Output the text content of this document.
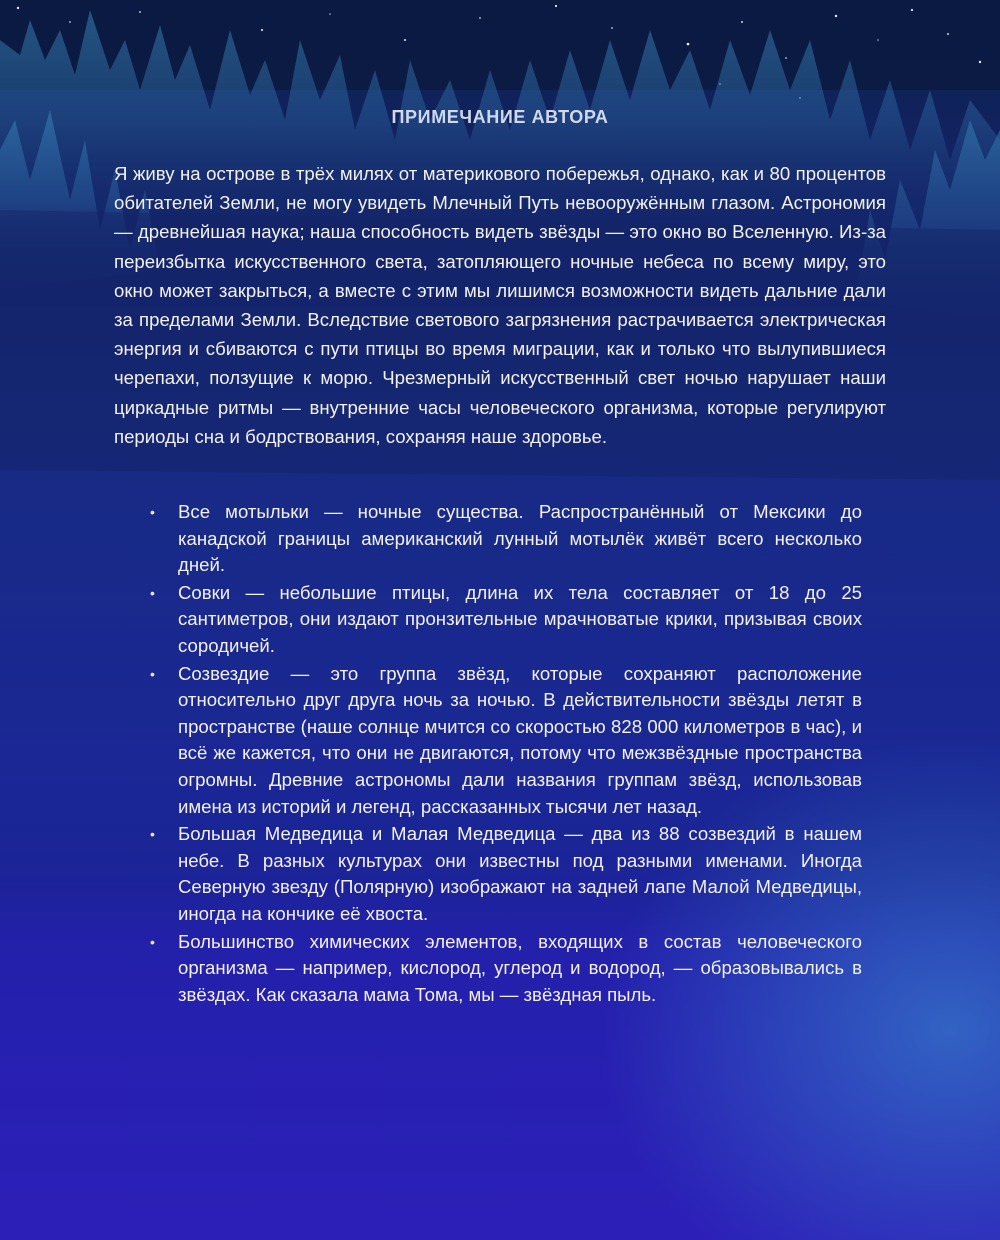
ПРИМЕЧАНИЕ АВТОРА

Я живу на острове в трёх милях от материкового побережья, однако, как и 80 процентов обитателей Земли, не могу увидеть Млечный Путь невооружённым глазом. Астрономия — древнейшая наука; наша способность видеть звёзды — это окно во Вселенную. Из-за переизбытка искусственного света, затопляющего ночные небеса по всему миру, это окно может закрыться, а вместе с этим мы лишимся возможности видеть дальние дали за пределами Земли. Вследствие светового загрязнения растрачивается электрическая энергия и сбиваются с пути птицы во время миграции, как и только что вылупившиеся черепахи, ползущие к морю. Чрезмерный искусственный свет ночью нарушает наши циркадные ритмы — внутренние часы человеческого организма, которые регулируют периоды сна и бодрствования, сохраняя наше здоровье.

•	Все мотыльки — ночные существа. Распространённый от Мексики до канадской границы американский лунный мотылёк живёт всего несколько дней.
•	Совки — небольшие птицы, длина их тела составляет от 18 до 25 сантиметров, они издают пронзительные мрачноватые крики, призывая своих сородичей.
•	Созвездие — это группа звёзд, которые сохраняют расположение относительно друг друга ночь за ночью. В действительности звёзды летят в пространстве (наше солнце мчится со скоростью 828 000 километров в час), и всё же кажется, что они не двигаются, потому что межзвёздные пространства огромны. Древние астрономы дали названия группам звёзд, использовав имена из историй и легенд, рассказанных тысячи лет назад.
•	Большая Медведица и Малая Медведица — два из 88 созвездий в нашем небе. В разных культурах они известны под разными именами. Иногда Северную звезду (Полярную) изображают на задней лапе Малой Медведицы, иногда на кончике её хвоста.
•	Большинство химических элементов, входящих в состав человеческого организма — например, кислород, углерод и водород, — образовывались в звёздах. Как сказала мама Тома, мы — звёздная пыль.
